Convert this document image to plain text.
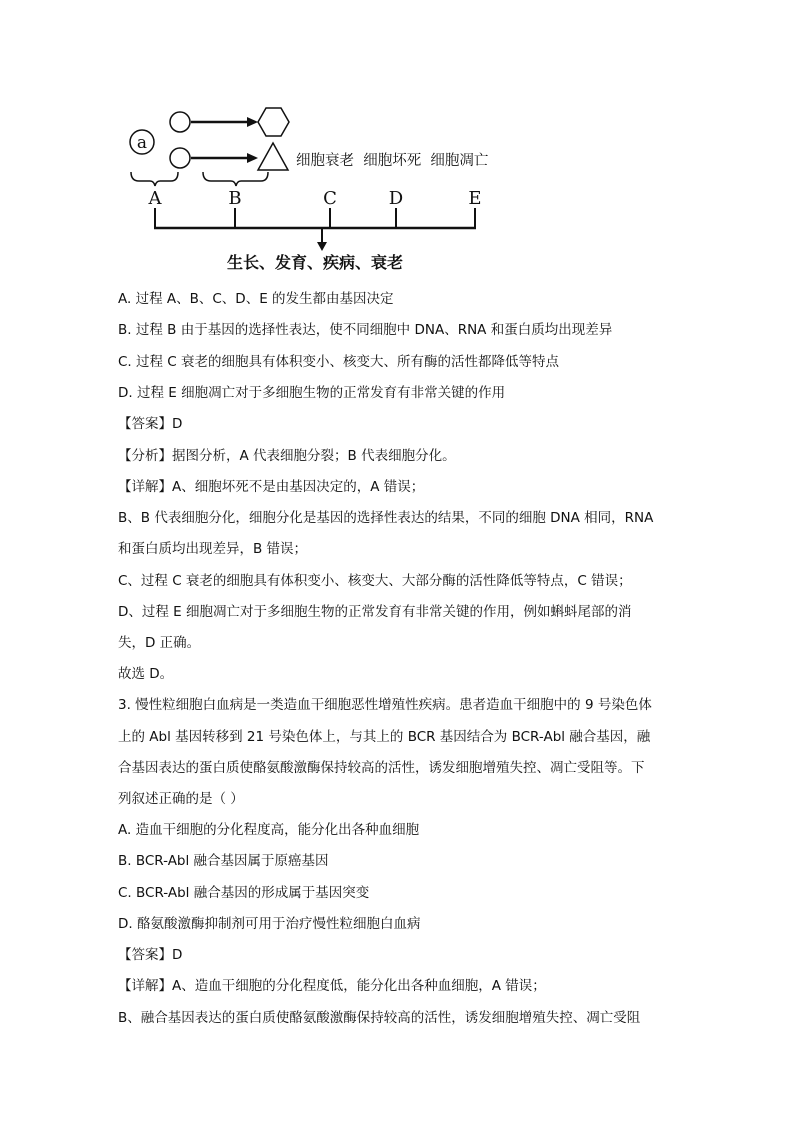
a
细胞衰老  细胞坏死  细胞凋亡
A	B	C	D	E
生长、发育、疾病、衰老
A. 过程 A、B、C、D、E 的发生都由基因决定
B. 过程 B 由于基因的选择性表达，使不同细胞中 DNA、RNA 和蛋白质均出现差异
C. 过程 C 衰老的细胞具有体积变小、核变大、所有酶的活性都降低等特点
D. 过程 E 细胞凋亡对于多细胞生物的正常发育有非常关键的作用
【答案】D
【分析】据图分析，A 代表细胞分裂；B 代表细胞分化。
【详解】A、细胞坏死不是由基因决定的，A 错误；
B、B 代表细胞分化，细胞分化是基因的选择性表达的结果，不同的细胞 DNA 相同，RNA
和蛋白质均出现差异，B 错误；
C、过程 C 衰老的细胞具有体积变小、核变大、大部分酶的活性降低等特点，C 错误；
D、过程 E 细胞凋亡对于多细胞生物的正常发育有非常关键的作用，例如蝌蚪尾部的消
失，D 正确。
故选 D。
3. 慢性粒细胞白血病是一类造血干细胞恶性增殖性疾病。患者造血干细胞中的 9 号染色体
上的 Abl 基因转移到 21 号染色体上，与其上的 BCR 基因结合为 BCR-Abl 融合基因，融
合基因表达的蛋白质使酪氨酸激酶保持较高的活性，诱发细胞增殖失控、凋亡受阻等。下
列叙述正确的是（ ）
A. 造血干细胞的分化程度高，能分化出各种血细胞
B. BCR-Abl 融合基因属于原癌基因
C. BCR-Abl 融合基因的形成属于基因突变
D. 酪氨酸激酶抑制剂可用于治疗慢性粒细胞白血病
【答案】D
【详解】A、造血干细胞的分化程度低，能分化出各种血细胞，A 错误；
B、融合基因表达的蛋白质使酪氨酸激酶保持较高的活性，诱发细胞增殖失控、凋亡受阻
